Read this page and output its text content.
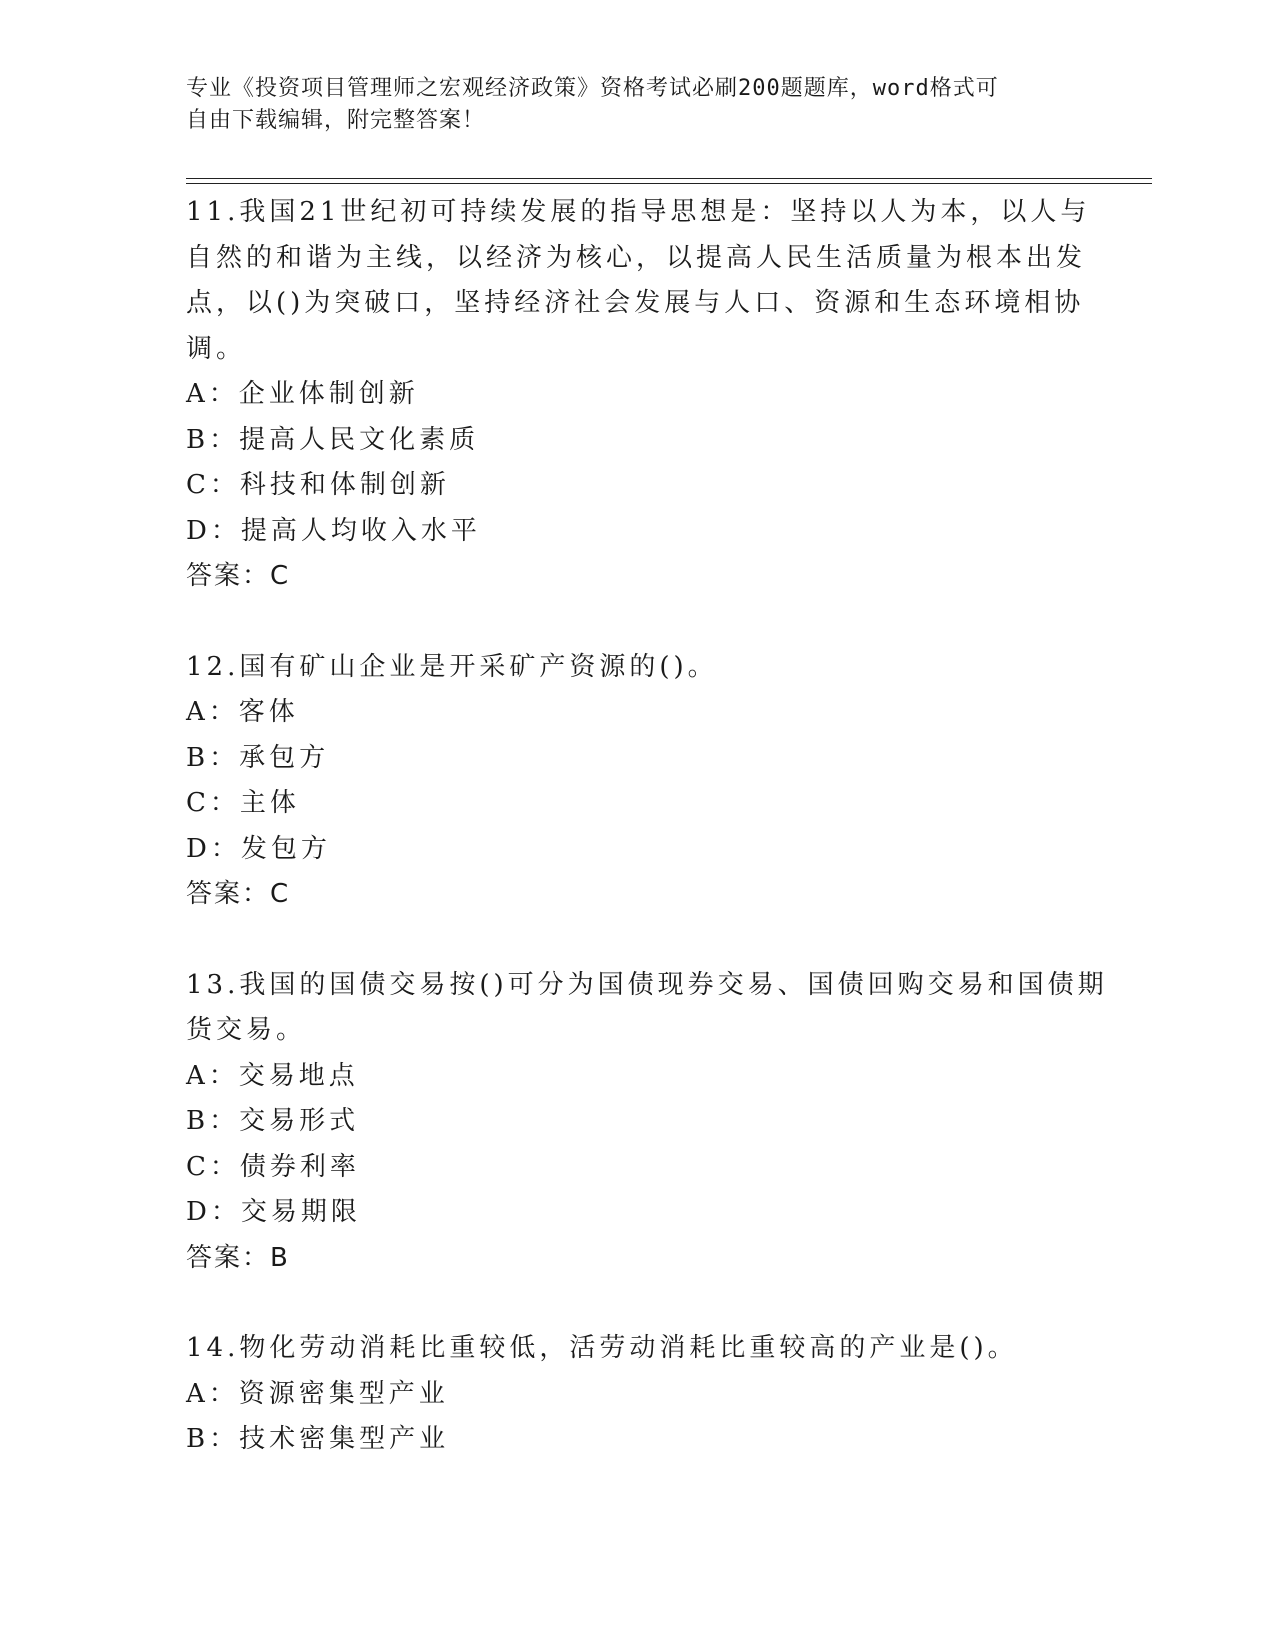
专业《投资项目管理师之宏观经济政策》资格考试必刷200题题库，word格式可
自由下载编辑，附完整答案！
11.我国21世纪初可持续发展的指导思想是：坚持以人为本，以人与
自然的和谐为主线，以经济为核心，以提高人民生活质量为根本出发
点，以()为突破口，坚持经济社会发展与人口、资源和生态环境相协
调。
A：企业体制创新
B：提高人民文化素质
C：科技和体制创新
D：提高人均收入水平
答案：C
12.国有矿山企业是开采矿产资源的()。
A：客体
B：承包方
C：主体
D：发包方
答案：C
13.我国的国债交易按()可分为国债现券交易、国债回购交易和国债期
货交易。
A：交易地点
B：交易形式
C：债券利率
D：交易期限
答案：B
14.物化劳动消耗比重较低，活劳动消耗比重较高的产业是()。
A：资源密集型产业
B：技术密集型产业
